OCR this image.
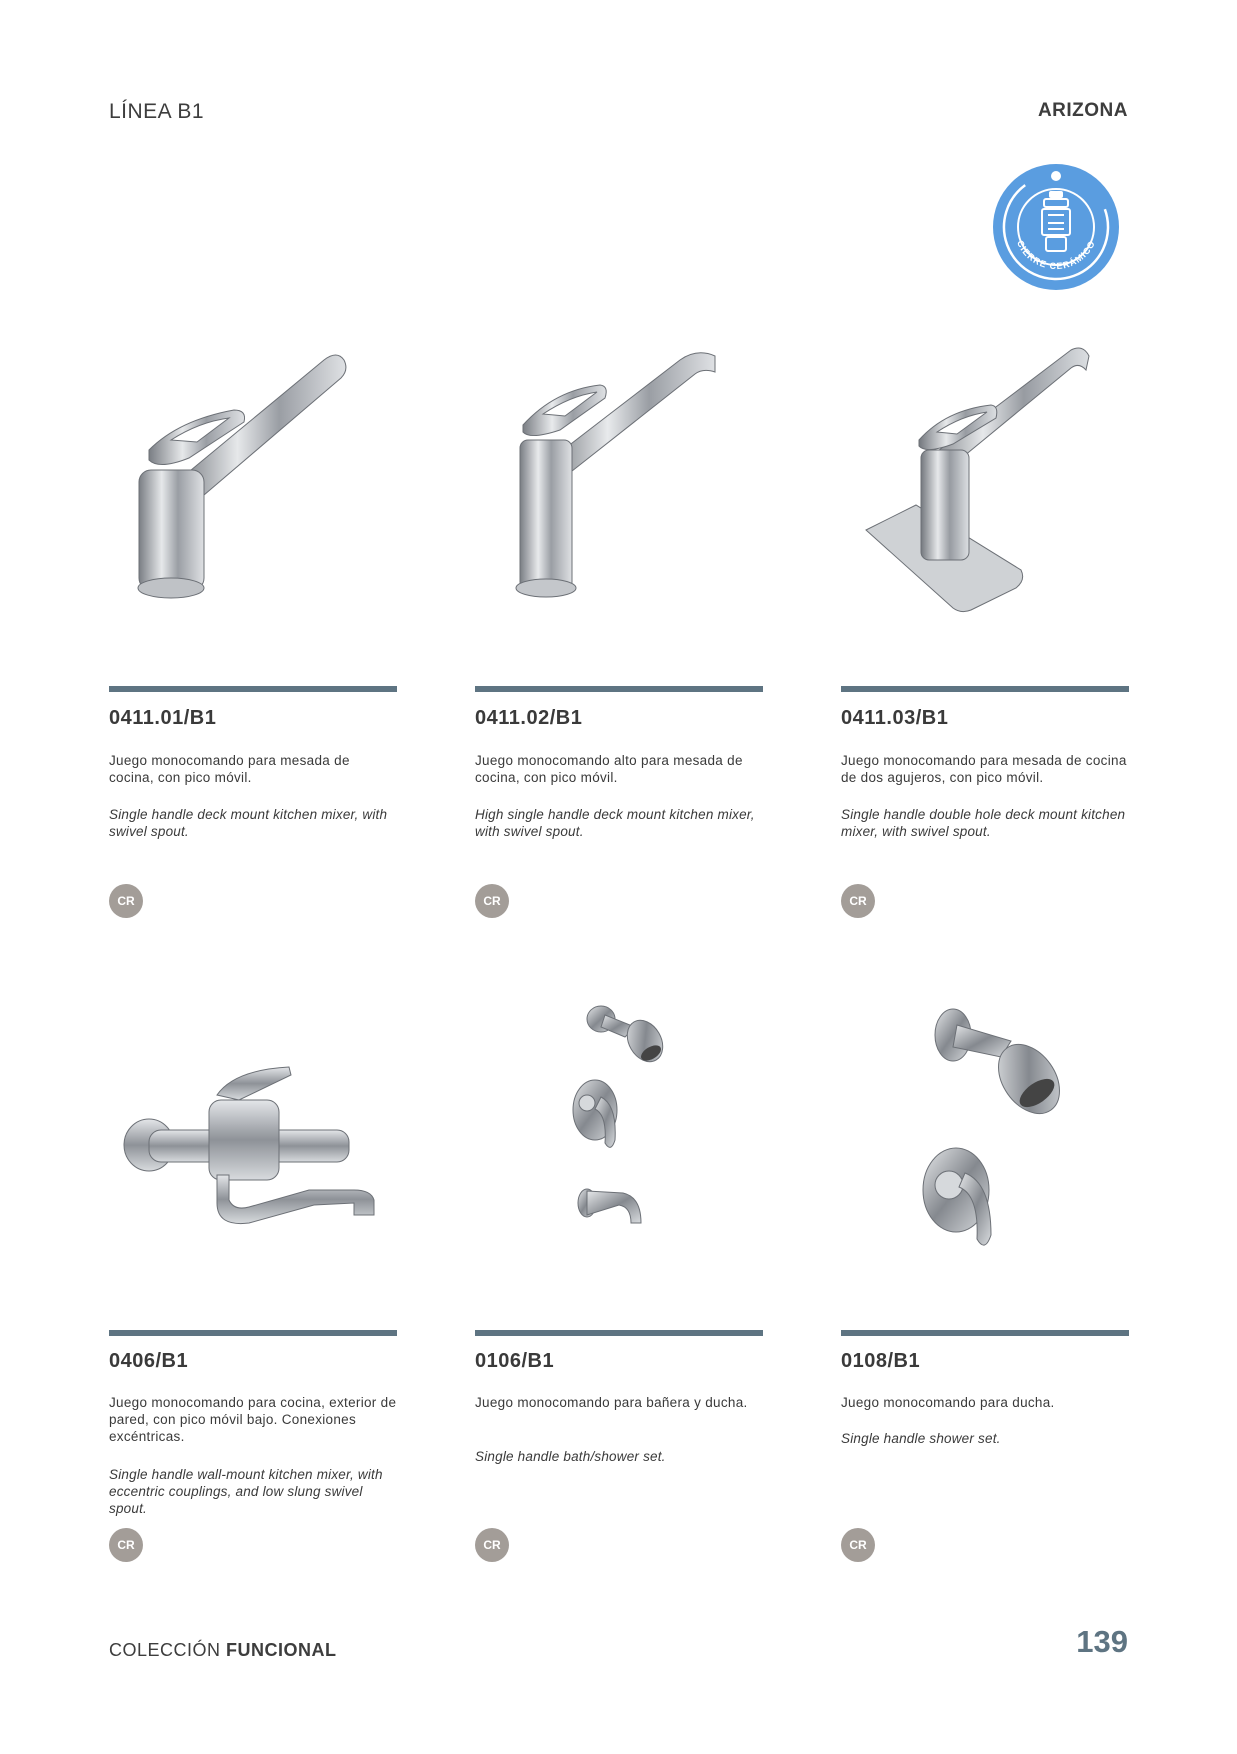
LÍNEA B1	ARIZONA
CIERRE CERÁMICO
0411.01/B1
Juego monocomando para mesada de cocina, con pico móvil.
Single handle deck mount kitchen mixer, with swivel spout.
CR
0411.02/B1
Juego monocomando alto para mesada de cocina, con pico móvil.
High single handle deck mount kitchen mixer, with swivel spout.
CR
0411.03/B1
Juego monocomando para mesada de cocina de dos agujeros, con pico móvil.
Single handle double hole deck mount kitchen mixer, with swivel spout.
CR
0406/B1
Juego monocomando para cocina, exterior de pared, con pico móvil bajo. Conexiones excéntricas.
Single handle wall-mount kitchen mixer, with eccentric couplings, and low slung swivel spout.
CR
0106/B1
Juego monocomando para bañera y ducha.
Single handle bath/shower set.
CR
0108/B1
Juego monocomando para ducha.
Single handle shower set.
CR
COLECCIÓN FUNCIONAL	139
